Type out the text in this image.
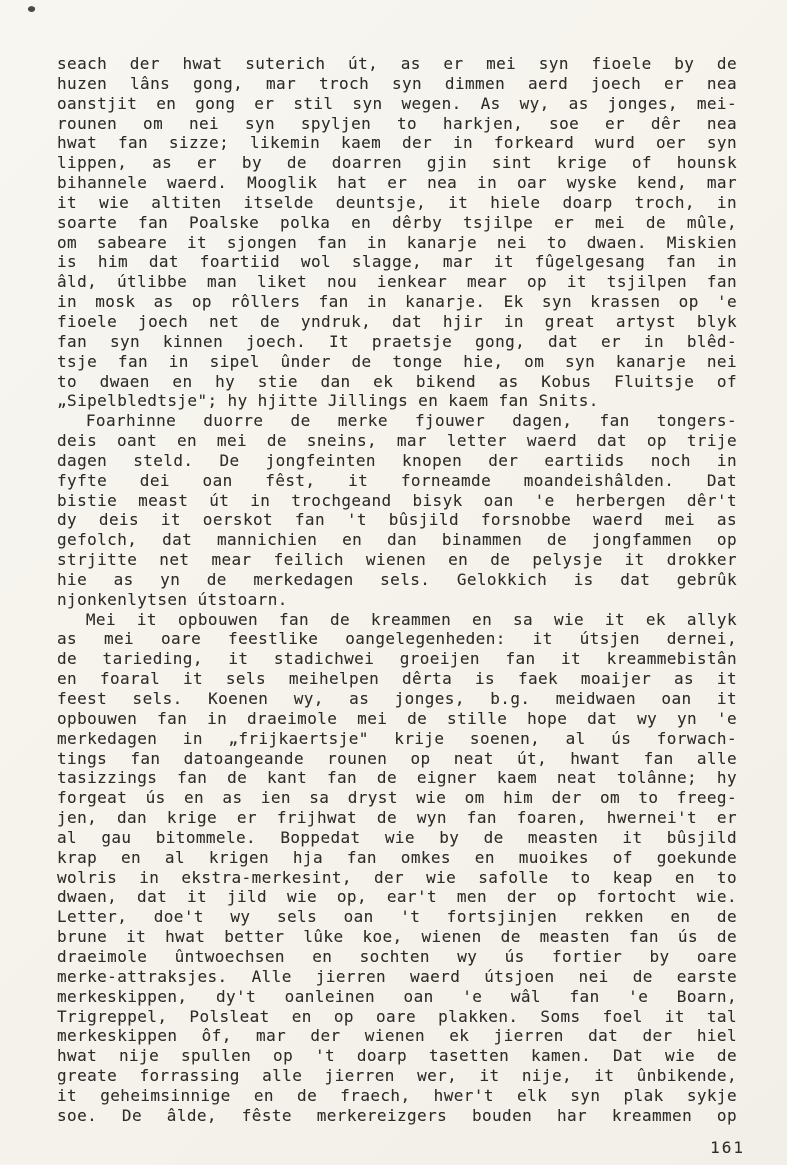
seach der hwat suterich út, as er mei syn fioele by de
huzen lâns gong, mar troch syn dimmen aerd joech er nea
oanstjit en gong er stil syn wegen. As wy, as jonges, mei-
rounen om nei syn spyljen to harkjen, soe er dêr nea
hwat fan sizze; likemin kaem der in forkeard wurd oer syn
lippen, as er by de doarren gjin sint krige of hounsk
bihannele waerd. Mooglik hat er nea in oar wyske kend, mar
it wie altiten itselde deuntsje, it hiele doarp troch, in
soarte fan Poalske polka en dêrby tsjilpe er mei de mûle,
om sabeare it sjongen fan in kanarje nei to dwaen. Miskien
is him dat foartiid wol slagge, mar it fûgelgesang fan in
âld, útlibbe man liket nou ienkear mear op it tsjilpen fan
in mosk as op rôllers fan in kanarje. Ek syn krassen op 'e
fioele joech net de yndruk, dat hjir in great artyst blyk
fan syn kinnen joech. It praetsje gong, dat er in blêd-
tsje fan in sipel ûnder de tonge hie, om syn kanarje nei
to dwaen en hy stie dan ek bikend as Kobus Fluitsje of
„Sipelbledtsje"; hy hjitte Jillings en kaem fan Snits.
Foarhinne duorre de merke fjouwer dagen, fan tongers-
deis oant en mei de sneins, mar letter waerd dat op trije
dagen steld. De jongfeinten knopen der eartiids noch in
fyfte dei oan fêst, it forneamde moandeishâlden. Dat
bistie meast út in trochgeand bisyk oan 'e herbergen dêr't
dy deis it oerskot fan 't bûsjild forsnobbe waerd mei as
gefolch, dat mannichien en dan binammen de jongfammen op
strjitte net mear feilich wienen en de pelysje it drokker
hie as yn de merkedagen sels. Gelokkich is dat gebrûk
njonkenlytsen útstoarn.
Mei it opbouwen fan de kreammen en sa wie it ek allyk
as mei oare feestlike oangelegenheden: it útsjen dernei,
de tarieding, it stadichwei groeijen fan it kreammebistân
en foaral it sels meihelpen dêrta is faek moaijer as it
feest sels. Koenen wy, as jonges, b.g. meidwaen oan it
opbouwen fan in draeimole mei de stille hope dat wy yn 'e
merkedagen in „frijkaertsje" krije soenen, al ús forwach-
tings fan datoangeande rounen op neat út, hwant fan alle
tasizzings fan de kant fan de eigner kaem neat tolânne; hy
forgeat ús en as ien sa dryst wie om him der om to freeg-
jen, dan krige er frijhwat de wyn fan foaren, hwernei't er
al gau bitommele. Boppedat wie by de measten it bûsjild
krap en al krigen hja fan omkes en muoikes of goekunde
wolris in ekstra-merkesint, der wie safolle to keap en to
dwaen, dat it jild wie op, ear't men der op fortocht wie.
Letter, doe't wy sels oan 't fortsjinjen rekken en de
brune it hwat better lûke koe, wienen de measten fan ús de
draeimole ûntwoechsen en sochten wy ús fortier by oare
merke-attraksjes. Alle jierren waerd útsjoen nei de earste
merkeskippen, dy't oanleinen oan 'e wâl fan 'e Boarn,
Trigreppel, Polsleat en op oare plakken. Soms foel it tal
merkeskippen ôf, mar der wienen ek jierren dat der hiel
hwat nije spullen op 't doarp tasetten kamen. Dat wie de
greate forrassing alle jierren wer, it nije, it ûnbikende,
it geheimsinnige en de fraech, hwer't elk syn plak sykje
soe. De âlde, fêste merkereizgers bouden har kreammen op
161
